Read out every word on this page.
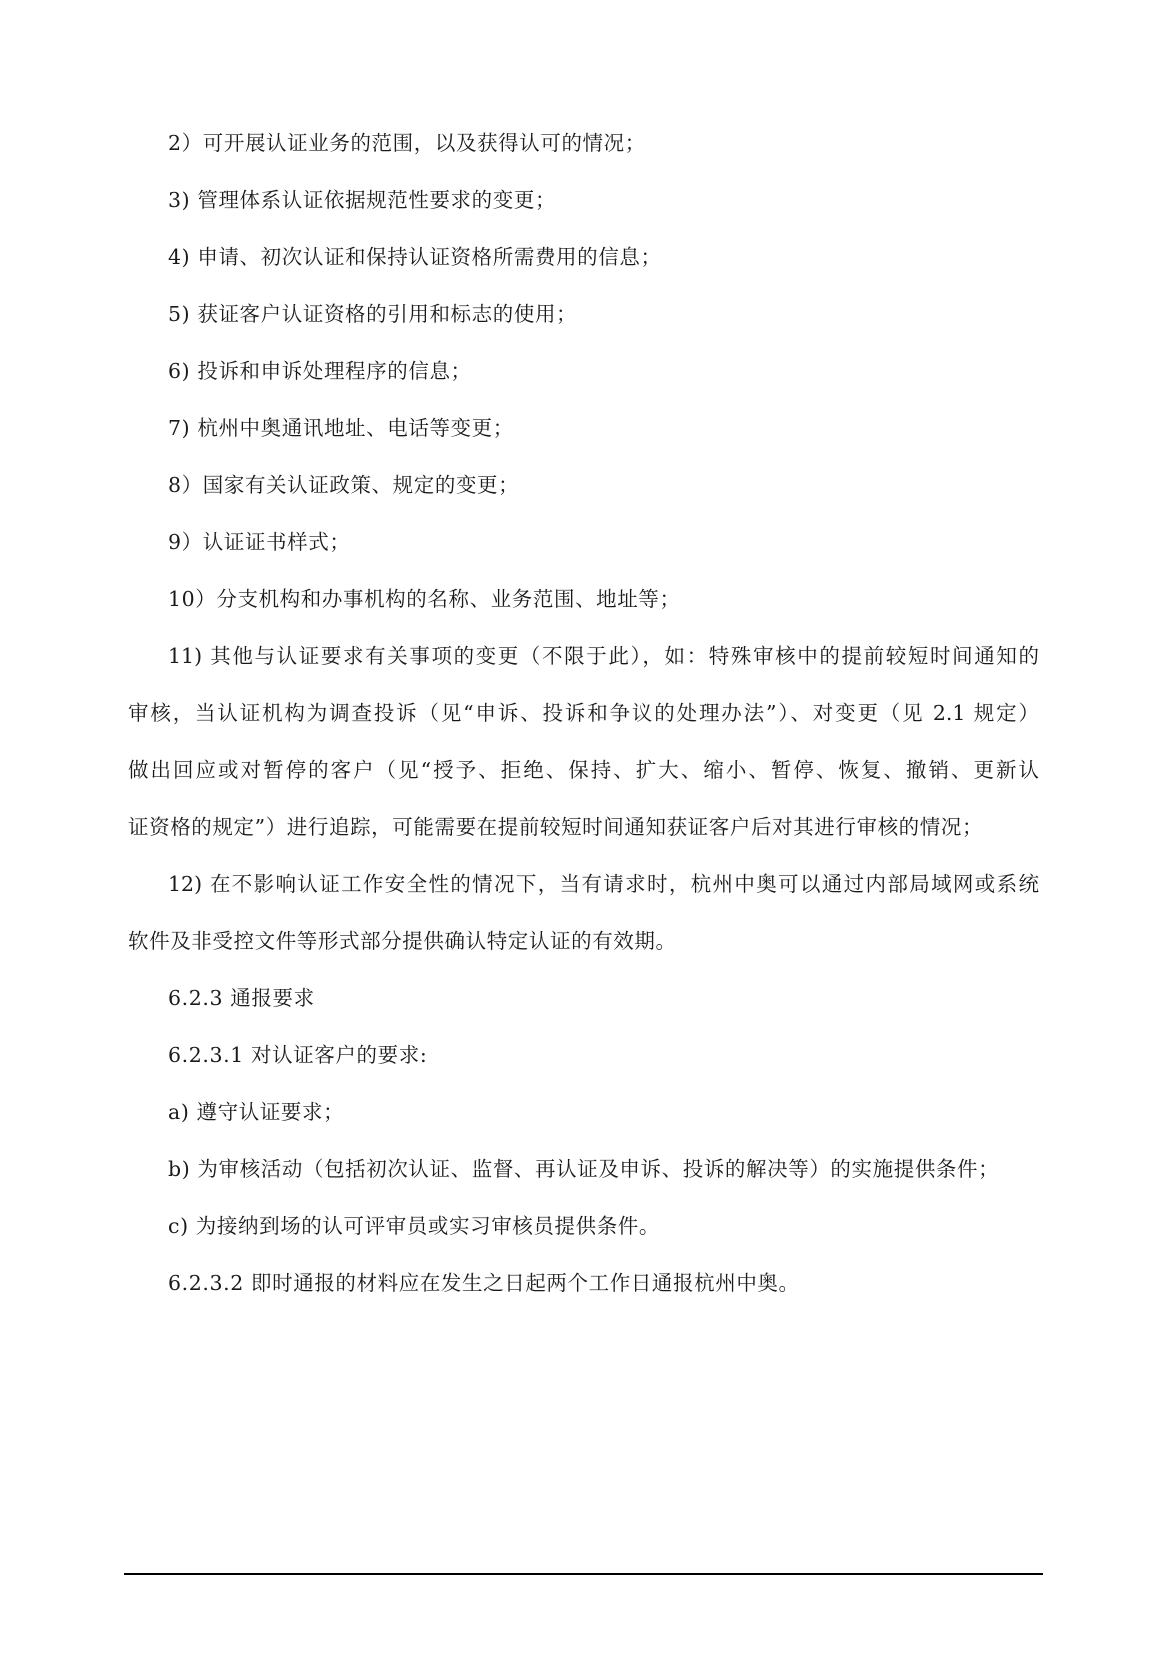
2）可开展认证业务的范围，以及获得认可的情况；
3) 管理体系认证依据规范性要求的变更；
4) 申请、初次认证和保持认证资格所需费用的信息；
5) 获证客户认证资格的引用和标志的使用；
6) 投诉和申诉处理程序的信息；
7) 杭州中奥通讯地址、电话等变更；
8）国家有关认证政策、规定的变更；
9）认证证书样式；
10）分支机构和办事机构的名称、业务范围、地址等；
11) 其他与认证要求有关事项的变更（不限于此），如：特殊审核中的提前较短时间通知的
审核，当认证机构为调查投诉（见“申诉、投诉和争议的处理办法”）、对变更（见 2.1 规定）
做出回应或对暂停的客户（见“授予、拒绝、保持、扩大、缩小、暂停、恢复、撤销、更新认
证资格的规定”）进行追踪，可能需要在提前较短时间通知获证客户后对其进行审核的情况；
12) 在不影响认证工作安全性的情况下，当有请求时，杭州中奥可以通过内部局域网或系统
软件及非受控文件等形式部分提供确认特定认证的有效期。
6.2.3 通报要求
6.2.3.1 对认证客户的要求:
a) 遵守认证要求；
b) 为审核活动（包括初次认证、监督、再认证及申诉、投诉的解决等）的实施提供条件；
c) 为接纳到场的认可评审员或实习审核员提供条件。
6.2.3.2 即时通报的材料应在发生之日起两个工作日通报杭州中奥。
